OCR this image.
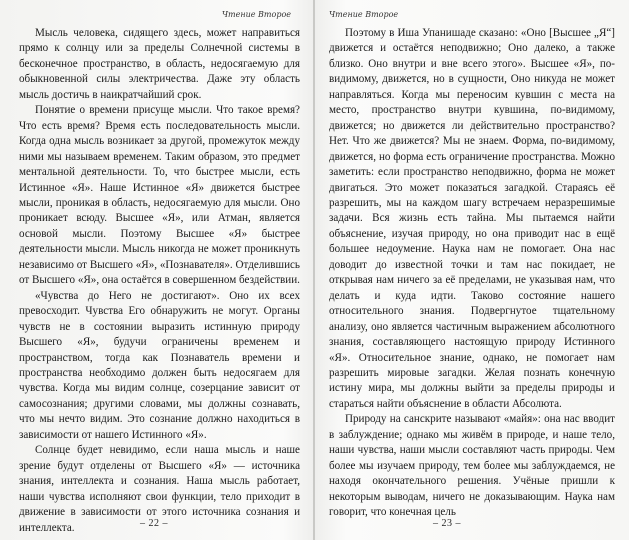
Чтение Второе

Мысль человека, сидящего здесь, может направиться прямо к солнцу или за пределы Солнечной системы в бесконечное пространство, в область, недосягаемую для обыкновенной силы электричества. Даже эту область мысль достичь в наикратчайший срок.

Понятие о времени присуще мысли. Что такое время? Что есть время? Время есть последовательность мысли. Когда одна мысль возникает за другой, промежуток между ними мы называем временем. Таким образом, это предмет ментальной деятельности. То, что быстрее мысли, есть Истинное «Я». Наше Истинное «Я» движется быстрее мысли, проникая в область, недосягаемую для мысли. Оно проникает всюду. Высшее «Я», или Атман, является основой мысли. Поэтому Высшее «Я» быстрее деятельности мысли. Мысль никогда не может проникнуть независимо от Высшего «Я», «Познавателя». Отделившись от Высшего «Я», она остаётся в совершенном бездействии.

«Чувства до Него не достигают». Оно их всех превосходит. Чувства Его обнаружить не могут. Органы чувств не в состоянии выразить истинную природу Высшего «Я», будучи ограничены временем и пространством, тогда как Познаватель времени и пространства необходимо должен быть недосягаем для чувства. Когда мы видим солнце, созерцание зависит от самосознания; другими словами, мы должны сознавать, что мы нечто видим. Это сознание должно находиться в зависимости от нашего Истинного «Я».

Солнце будет невидимо, если наша мысль и наше зрение будут отделены от Высшего «Я» — источника знания, интеллекта и сознания. Наша мысль работает, наши чувства исполняют свои функции, тело приходит в движение в зависимости от этого источника сознания и интеллекта.	– 22 –
Чтение Второе

Поэтому в Иша Упанишаде сказано: «Оно [Высшее „Я“] движется и остаётся неподвижно; Оно далеко, а также близко. Оно внутри и вне всего этого». Высшее «Я», по-видимому, движется, но в сущности, Оно никуда не может направляться. Когда мы переносим кувшин с места на место, пространство внутри кувшина, по-видимому, движется; но движется ли действительно пространство? Нет. Что же движется? Мы не знаем. Форма, по-видимому, движется, но форма есть ограничение пространства. Можно заметить: если пространство неподвижно, форма не может двигаться. Это может показаться загадкой. Стараясь её разрешить, мы на каждом шагу встречаем неразрешимые задачи. Вся жизнь есть тайна. Мы пытаемся найти объяснение, изучая природу, но она приводит нас в ещё большее недоумение. Наука нам не помогает. Она нас доводит до известной точки и там нас покидает, не открывая нам ничего за её пределами, не указывая нам, что делать и куда идти. Таково состояние нашего относительного знания. Подвергнутое тщательному анализу, оно является частичным выражением абсолютного знания, составляющего настоящую природу Истинного «Я». Относительное знание, однако, не помогает нам разрешить мировые загадки. Желая познать конечную истину мира, мы должны выйти за пределы природы и стараться найти объяснение в области Абсолюта.

Природу на санскрите называют «майя»: она нас вводит в заблуждение; однако мы живём в природе, и наше тело, наши чувства, наши мысли составляют часть природы. Чем более мы изучаем природу, тем более мы заблуждаемся, не находя окончательного решения. Учёные пришли к некоторым выводам, ничего не доказывающим. Наука нам говорит, что конечная цель

– 23 –
